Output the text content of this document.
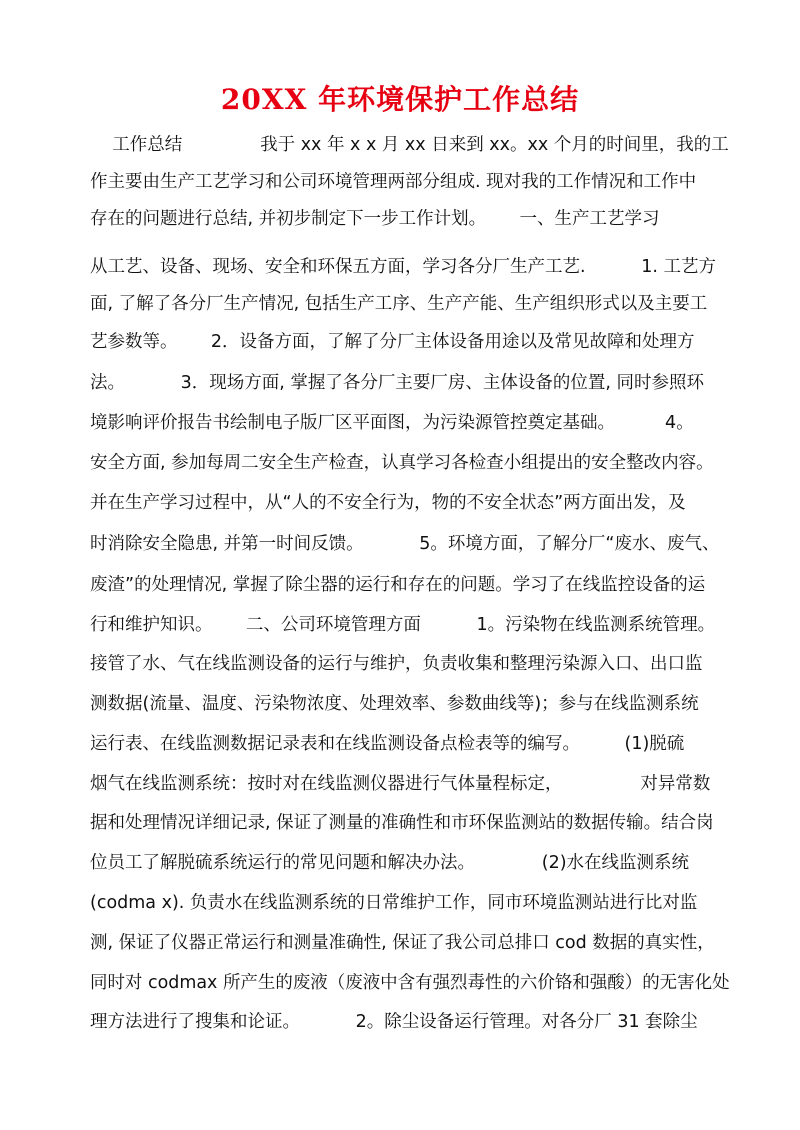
20XX 年环境保护工作总结
工作总结              我于 xx 年 x x 月 xx 日来到 xx。xx 个月的时间里，我的工
作主要由生产工艺学习和公司环境管理两部分组成. 现对我的工作情况和工作中
存在的问题进行总结, 并初步制定下一步工作计划。      一、生产工艺学习
从工艺、设备、现场、安全和环保五方面，学习各分厂生产工艺.          1. 工艺方
面, 了解了各分厂生产情况, 包括生产工序、生产产能、生产组织形式以及主要工
艺参数等。      2．设备方面，了解了分厂主体设备用途以及常见故障和处理方
法。          3．现场方面, 掌握了各分厂主要厂房、主体设备的位置, 同时参照环
境影响评价报告书绘制电子版厂区平面图，为污染源管控奠定基础。         4。
安全方面, 参加每周二安全生产检查，认真学习各检查小组提出的安全整改内容。
并在生产学习过程中，从“人的不安全行为，物的不安全状态”两方面出发，及
时消除安全隐患, 并第一时间反馈。          5。环境方面，了解分厂“废水、废气、
废渣”的处理情况, 掌握了除尘器的运行和存在的问题。学习了在线监控设备的运
行和维护知识。      二、公司环境管理方面          1。污染物在线监测系统管理。
接管了水、气在线监测设备的运行与维护，负责收集和整理污染源入口、出口监
测数据(流量、温度、污染物浓度、处理效率、参数曲线等)；参与在线监测系统
运行表、在线监测数据记录表和在线监测设备点检表等的编写。        (1)脱硫
烟气在线监测系统：按时对在线监测仪器进行气体量程标定，              对异常数
据和处理情况详细记录, 保证了测量的准确性和市环保监测站的数据传输。结合岗
位员工了解脱硫系统运行的常见问题和解决办法。            (2)水在线监测系统
(codma x). 负责水在线监测系统的日常维护工作，同市环境监测站进行比对监
测, 保证了仪器正常运行和测量准确性, 保证了我公司总排口 cod 数据的真实性，
同时对 codmax 所产生的废液（废液中含有强烈毒性的六价铬和强酸）的无害化处
理方法进行了搜集和论证。          2。除尘设备运行管理。对各分厂 31 套除尘
